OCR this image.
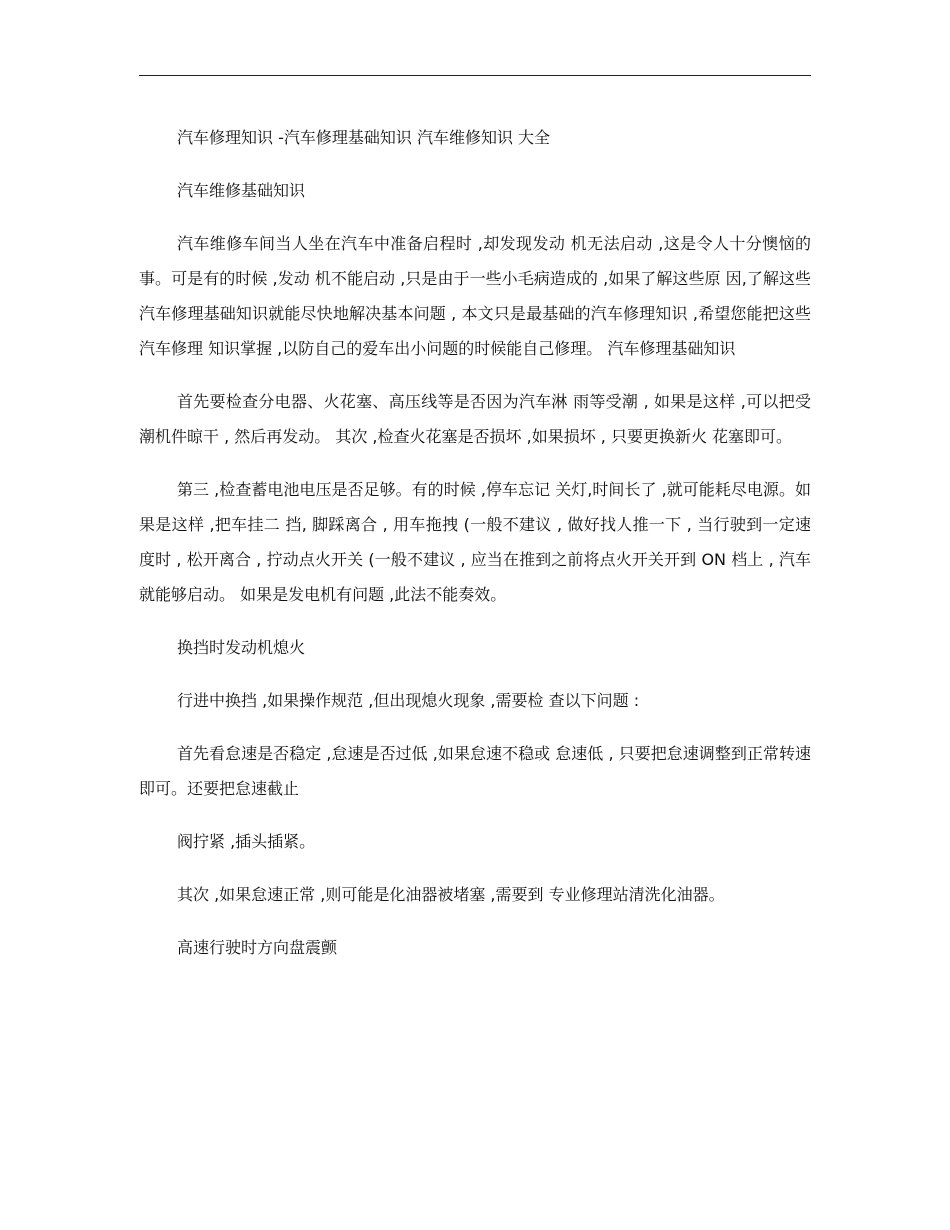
汽车修理知识 -汽车修理基础知识 汽车维修知识 大全

汽车维修基础知识

汽车维修车间当人坐在汽车中准备启程时 ,却发现发动 机无法启动 ,这是令人十分懊恼的事。可是有的时候 ,发动 机不能启动 ,只是由于一些小毛病造成的 ,如果了解这些原 因,了解这些汽车修理基础知识就能尽快地解决基本问题 , 本文只是最基础的汽车修理知识 ,希望您能把这些汽车修理 知识掌握 ,以防自己的爱车出小问题的时候能自己修理。 汽车修理基础知识

首先要检查分电器、火花塞、高压线等是否因为汽车淋 雨等受潮 , 如果是这样 ,可以把受潮机件晾干 , 然后再发动。 其次 ,检查火花塞是否损坏 ,如果损坏 , 只要更换新火 花塞即可。

第三 ,检查蓄电池电压是否足够。有的时候 ,停车忘记 关灯,时间长了 ,就可能耗尽电源。如果是这样 ,把车挂二 挡, 脚踩离合 , 用车拖拽 (一般不建议 , 做好找人推一下 , 当行驶到一定速度时 , 松开离合 , 拧动点火开关 (一般不建议 , 应当在推到之前将点火开关开到 ON 档上 , 汽车就能够启动。 如果是发电机有问题 ,此法不能奏效。

换挡时发动机熄火

行进中换挡 ,如果操作规范 ,但出现熄火现象 ,需要检 查以下问题 :

首先看怠速是否稳定 ,怠速是否过低 ,如果怠速不稳或 怠速低 , 只要把怠速调整到正常转速即可。还要把怠速截止

阀拧紧 ,插头插紧。

其次 ,如果怠速正常 ,则可能是化油器被堵塞 ,需要到 专业修理站清洗化油器。

高速行驶时方向盘震颤
